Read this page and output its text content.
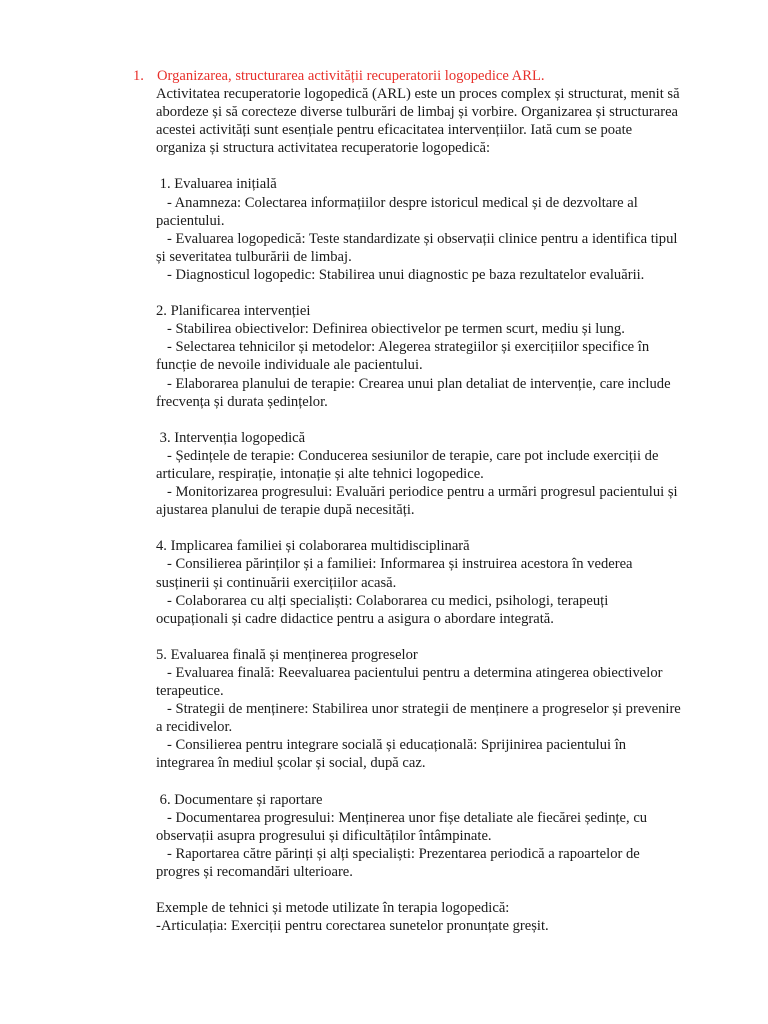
1. Organizarea, structurarea activității recuperatorii logopedice ARL.
Activitatea recuperatorie logopedică (ARL) este un proces complex și structurat, menit să
abordeze și să corecteze diverse tulburări de limbaj și vorbire. Organizarea și structurarea
acestei activități sunt esențiale pentru eficacitatea intervențiilor. Iată cum se poate
organiza și structura activitatea recuperatorie logopedică:
1. Evaluarea inițială
- Anamneza: Colectarea informațiilor despre istoricul medical și de dezvoltare al
pacientului.
- Evaluarea logopedică: Teste standardizate și observații clinice pentru a identifica tipul
și severitatea tulburării de limbaj.
- Diagnosticul logopedic: Stabilirea unui diagnostic pe baza rezultatelor evaluării.
2. Planificarea intervenției
- Stabilirea obiectivelor: Definirea obiectivelor pe termen scurt, mediu și lung.
- Selectarea tehnicilor și metodelor: Alegerea strategiilor și exercițiilor specifice în
funcție de nevoile individuale ale pacientului.
- Elaborarea planului de terapie: Crearea unui plan detaliat de intervenție, care include
frecvența și durata ședințelor.
3. Intervenția logopedică
- Ședințele de terapie: Conducerea sesiunilor de terapie, care pot include exerciții de
articulare, respirație, intonație și alte tehnici logopedice.
- Monitorizarea progresului: Evaluări periodice pentru a urmări progresul pacientului și
ajustarea planului de terapie după necesități.
4. Implicarea familiei și colaborarea multidisciplinară
- Consilierea părinților și a familiei: Informarea și instruirea acestora în vederea
susținerii și continuării exercițiilor acasă.
- Colaborarea cu alți specialiști: Colaborarea cu medici, psihologi, terapeuți
ocupaționali și cadre didactice pentru a asigura o abordare integrată.
5. Evaluarea finală și menținerea progreselor
- Evaluarea finală: Reevaluarea pacientului pentru a determina atingerea obiectivelor
terapeutice.
- Strategii de menținere: Stabilirea unor strategii de menținere a progreselor și prevenire
a recidivelor.
- Consilierea pentru integrare socială și educațională: Sprijinirea pacientului în
integrarea în mediul școlar și social, după caz.
6. Documentare și raportare
- Documentarea progresului: Menținerea unor fișe detaliate ale fiecărei ședințe, cu
observații asupra progresului și dificultăților întâmpinate.
- Raportarea către părinți și alți specialiști: Prezentarea periodică a rapoartelor de
progres și recomandări ulterioare.
Exemple de tehnici și metode utilizate în terapia logopedică:
-Articulația: Exerciții pentru corectarea sunetelor pronunțate greșit.
